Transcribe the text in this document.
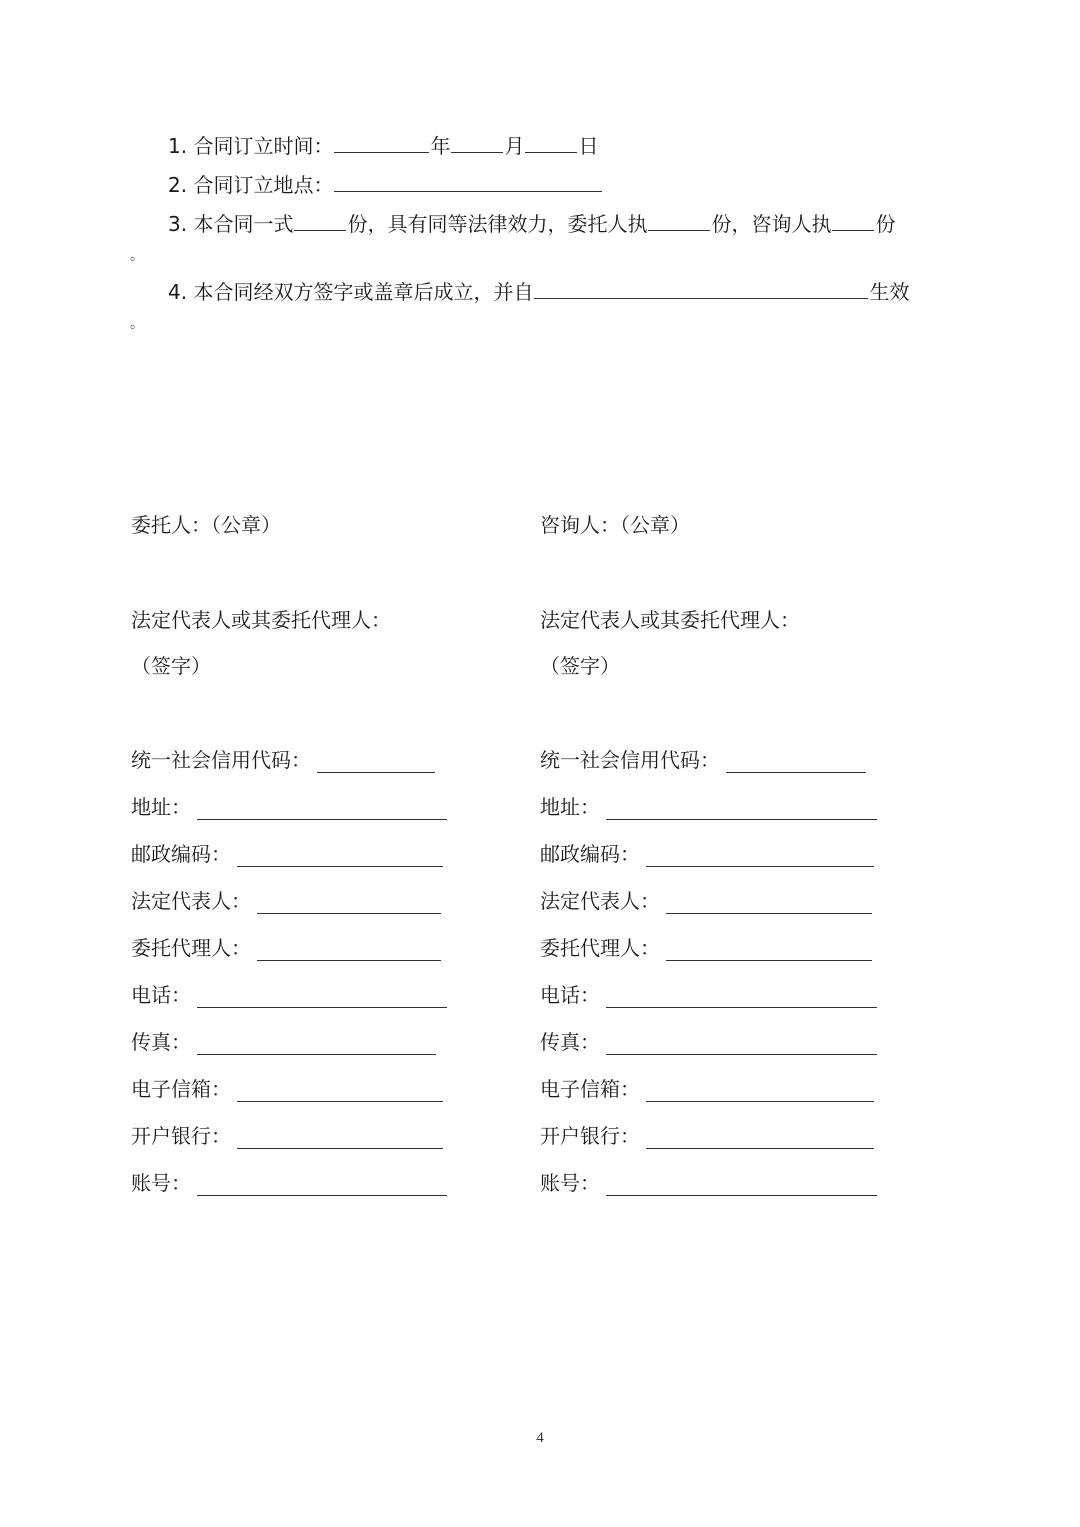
1. 合同订立时间：	年	月	日
2. 合同订立地点：
3. 本合同一式	份，具有同等法律效力，委托人执	份，咨询人执 份
。
4. 本合同经双方签字或盖章后成立，并自	生效
。
委托人：（公章）
法定代表人或其委托代理人：
（签字）
统一社会信用代码：
地址：
邮政编码：
法定代表人：
委托代理人：
电话：
传真：
电子信箱：
开户银行：
账号：
咨询人：（公章）
法定代表人或其委托代理人：
（签字）
统一社会信用代码：
地址：
邮政编码：
法定代表人：
委托代理人：
电话：
传真：
电子信箱：
开户银行：
账号：
4
